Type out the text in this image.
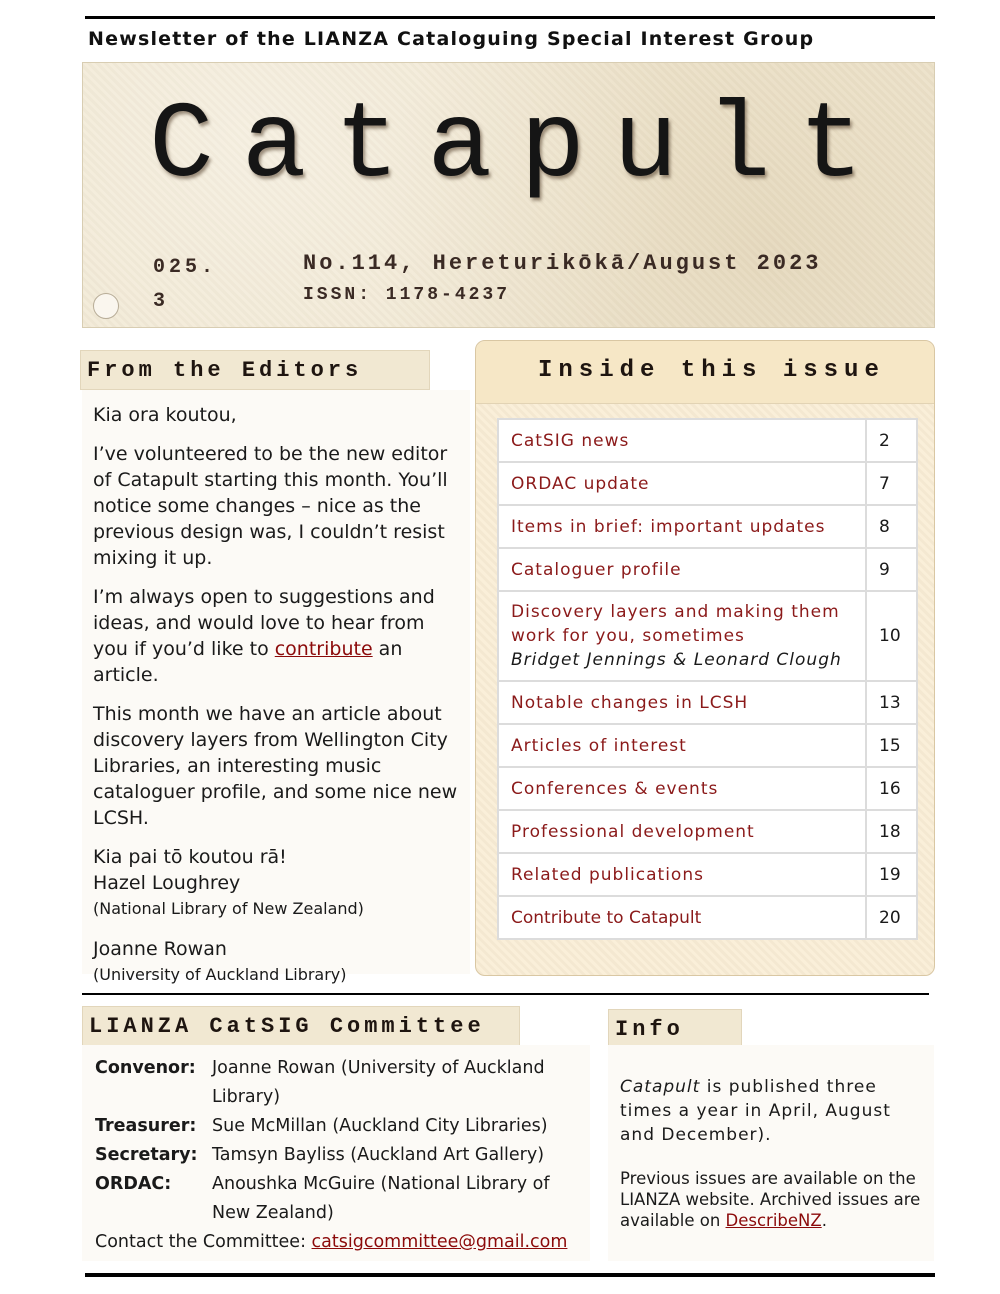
Newsletter of the LIANZA Cataloguing Special Interest Group
Catapult
025.3
No.114, Hereturikōkā/August 2023
ISSN: 1178-4237
From the Editors
Kia ora koutou,
I’ve volunteered to be the new editor of Catapult starting this month. You’ll notice some changes – nice as the previous design was, I couldn’t resist mixing it up.
I’m always open to suggestions and ideas, and would love to hear from you if you’d like to contribute an article.
This month we have an article about discovery layers from Wellington City Libraries, an interesting music cataloguer profile, and some nice new LCSH.
Kia pai tō koutou rā!
Hazel Loughrey
(National Library of New Zealand)
Joanne Rowan
(University of Auckland Library)
Inside this issue
CatSIG news	2
ORDAC update	7
Items in brief: important updates	8
Cataloguer profile	9
Discovery layers and making them work for you, sometimes
Bridget Jennings & Leonard Clough	10
Notable changes in LCSH	13
Articles of interest	15
Conferences & events	16
Professional development	18
Related publications	19
Contribute to Catapult	20
LIANZA CatSIG Committee
Convenor: Joanne Rowan (University of Auckland Library)
Treasurer: Sue McMillan (Auckland City Libraries)
Secretary: Tamsyn Bayliss (Auckland Art Gallery)
ORDAC:	Anoushka McGuire (National Library of New Zealand)
Contact the Committee: catsigcommittee@gmail.com
Info
Catapult is published three times a year in April, August and December).
Previous issues are available on the LIANZA website. Archived issues are available on DescribeNZ.
